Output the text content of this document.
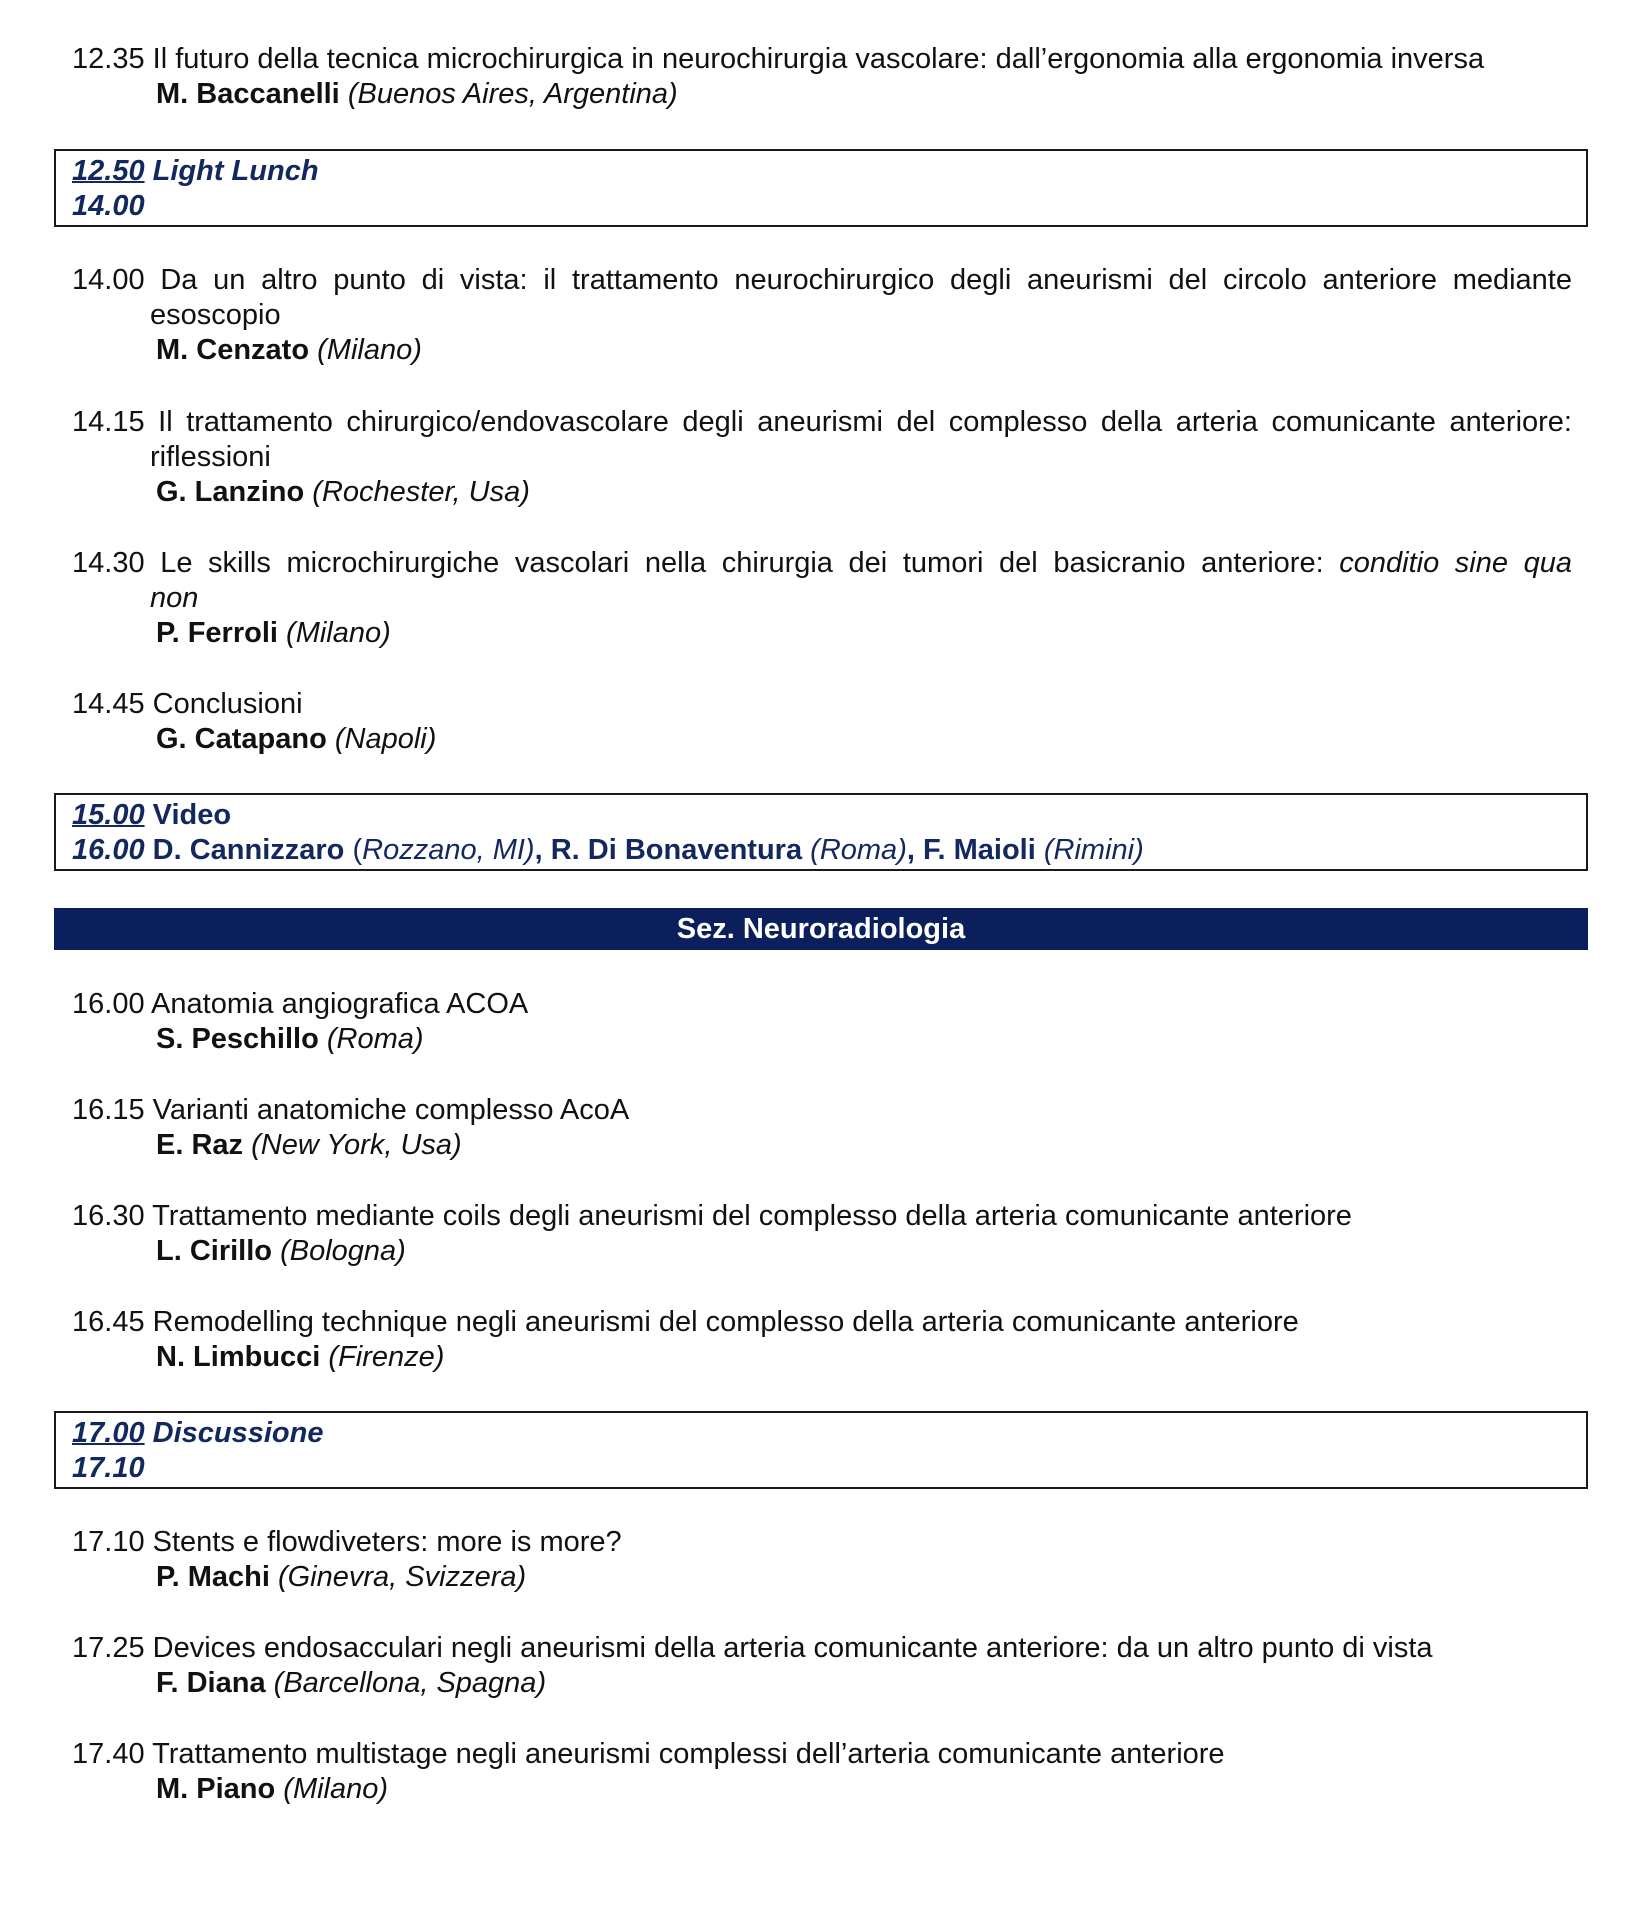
12.35 Il futuro della tecnica microchirurgica in neurochirurgia vascolare: dall’ergonomia alla ergonomia inversa
M. Baccanelli (Buenos Aires, Argentina)
12.50 Light Lunch
14.00
14.00 Da un altro punto di vista: il trattamento neurochirurgico degli aneurismi del circolo anteriore mediante
esoscopio
M. Cenzato (Milano)
14.15 Il trattamento chirurgico/endovascolare degli aneurismi del complesso della arteria comunicante anteriore:
riflessioni
G. Lanzino (Rochester, Usa)
14.30 Le skills microchirurgiche vascolari nella chirurgia dei tumori del basicranio anteriore: conditio sine qua
non
P. Ferroli (Milano)
14.45 Conclusioni
G. Catapano (Napoli)
15.00 Video
16.00 D. Cannizzaro (Rozzano, MI), R. Di Bonaventura (Roma), F. Maioli (Rimini)
Sez. Neuroradiologia
16.00 Anatomia angiografica ACOA
S. Peschillo (Roma)
16.15 Varianti anatomiche complesso AcoA
E. Raz (New York, Usa)
16.30 Trattamento mediante coils degli aneurismi del complesso della arteria comunicante anteriore
L. Cirillo (Bologna)
16.45 Remodelling technique negli aneurismi del complesso della arteria comunicante anteriore
N. Limbucci (Firenze)
17.00 Discussione
17.10
17.10 Stents e flowdiveters: more is more?
P. Machi (Ginevra, Svizzera)
17.25 Devices endosacculari negli aneurismi della arteria comunicante anteriore: da un altro punto di vista
F. Diana (Barcellona, Spagna)
17.40 Trattamento multistage negli aneurismi complessi dell’arteria comunicante anteriore
M. Piano (Milano)
